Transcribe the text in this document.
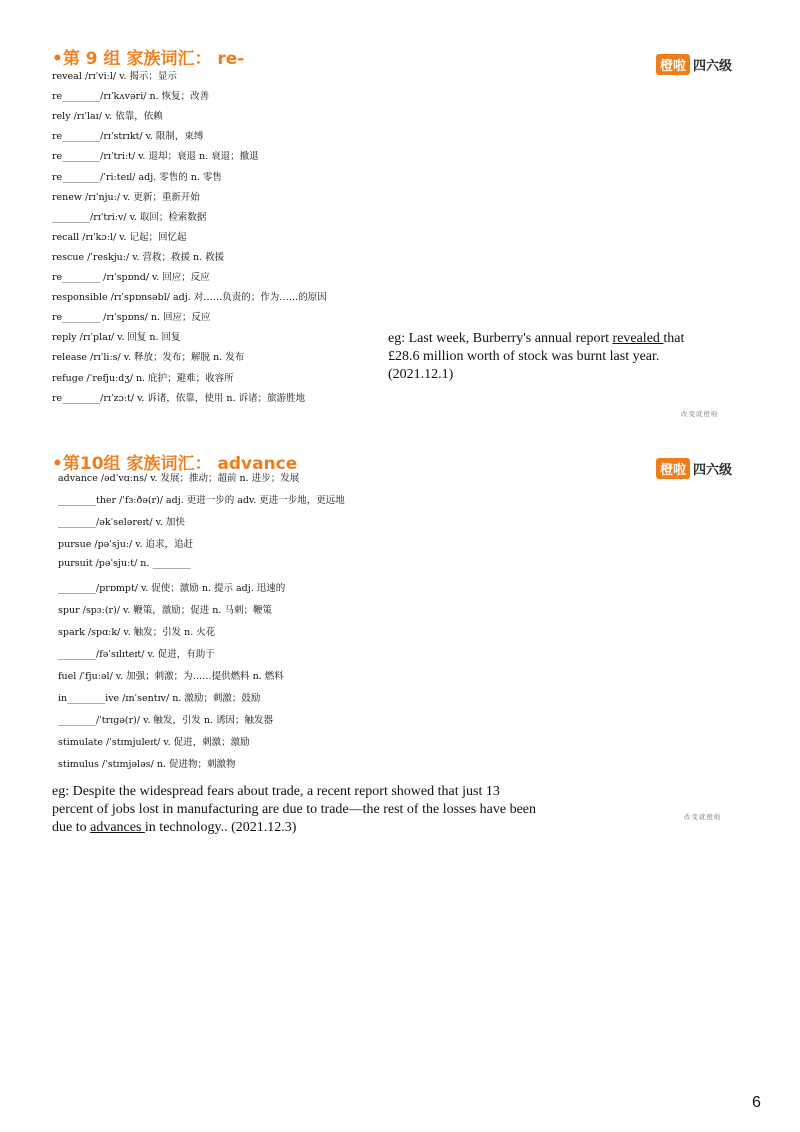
•第 9 组 家族词汇： re-	橙啦 四六级
reveal /rɪˈviːl/ v. 揭示；显示
re________/rɪˈkʌvəri/ n. 恢复；改善
rely /rɪˈlaɪ/ v. 依靠，依赖
re________/rɪˈstrɪkt/ v. 限制，束缚
re________/rɪˈtriːt/ v. 退却；衰退 n. 衰退；撤退
re________/ˈriːteɪl/ adj. 零售的 n. 零售
renew /rɪˈnjuː/ v. 更新；重新开始
________/rɪˈtriːv/ v. 取回；检索数据
recall /rɪˈkɔːl/ v. 记起；回忆起
rescue /ˈreskjuː/ v. 营救；救援 n. 救援
re________ /rɪˈspɒnd/ v. 回应；反应
responsible /rɪˈspɒnsəbl/ adj. 对……负责的；作为……的原因
re________ /rɪˈspɒns/ n. 回应；反应
reply /rɪˈplaɪ/ v. 回复 n. 回复
release /rɪˈliːs/ v. 释放；发布；解脱 n. 发布
refuge /ˈrefjuːdʒ/ n. 庇护；避难；收容所
re________/rɪˈzɔːt/ v. 诉诸，依靠，使用 n. 诉诸；旅游胜地
eg: Last week, Burberry's annual report revealed that £28.6 million worth of stock was burnt last year.(2021.12.1)
改变就橙啦
•第10组 家族词汇： advance	橙啦 四六级
advance /ədˈvɑːns/ v. 发展；推动；超前 n. 进步；发展
________ther /ˈfɜːðə(r)/ adj. 更进一步的 adv. 更进一步地，更远地
________/əkˈseləreɪt/ v. 加快
pursue /pəˈsjuː/ v. 追求，追赶
pursuit /pəˈsjuːt/ n. ________
________/prɒmpt/ v. 促使；激励 n. 提示 adj. 迅速的
spur /spɜː(r)/ v. 鞭策，激励；促进 n. 马刺；鞭策
spark /spɑːk/ v. 触发；引发 n. 火花
________/fəˈsɪlɪteɪt/ v. 促进，有助于
fuel /ˈfjuːəl/ v. 加强；刺激；为……提供燃料 n. 燃料
in________ive /ɪnˈsentɪv/ n. 激励；刺激；鼓励
________/ˈtrɪgə(r)/ v. 触发，引发 n. 诱因；触发器
stimulate /ˈstɪmjuleɪt/ v. 促进，刺激；激励
stimulus /ˈstɪmjələs/ n. 促进物；刺激物
eg: Despite the widespread fears about trade, a recent report showed that just 13 percent of jobs lost in manufacturing are due to trade—the rest of the losses have been due to advances in technology.. (2021.12.3)
改变就橙啦
6
